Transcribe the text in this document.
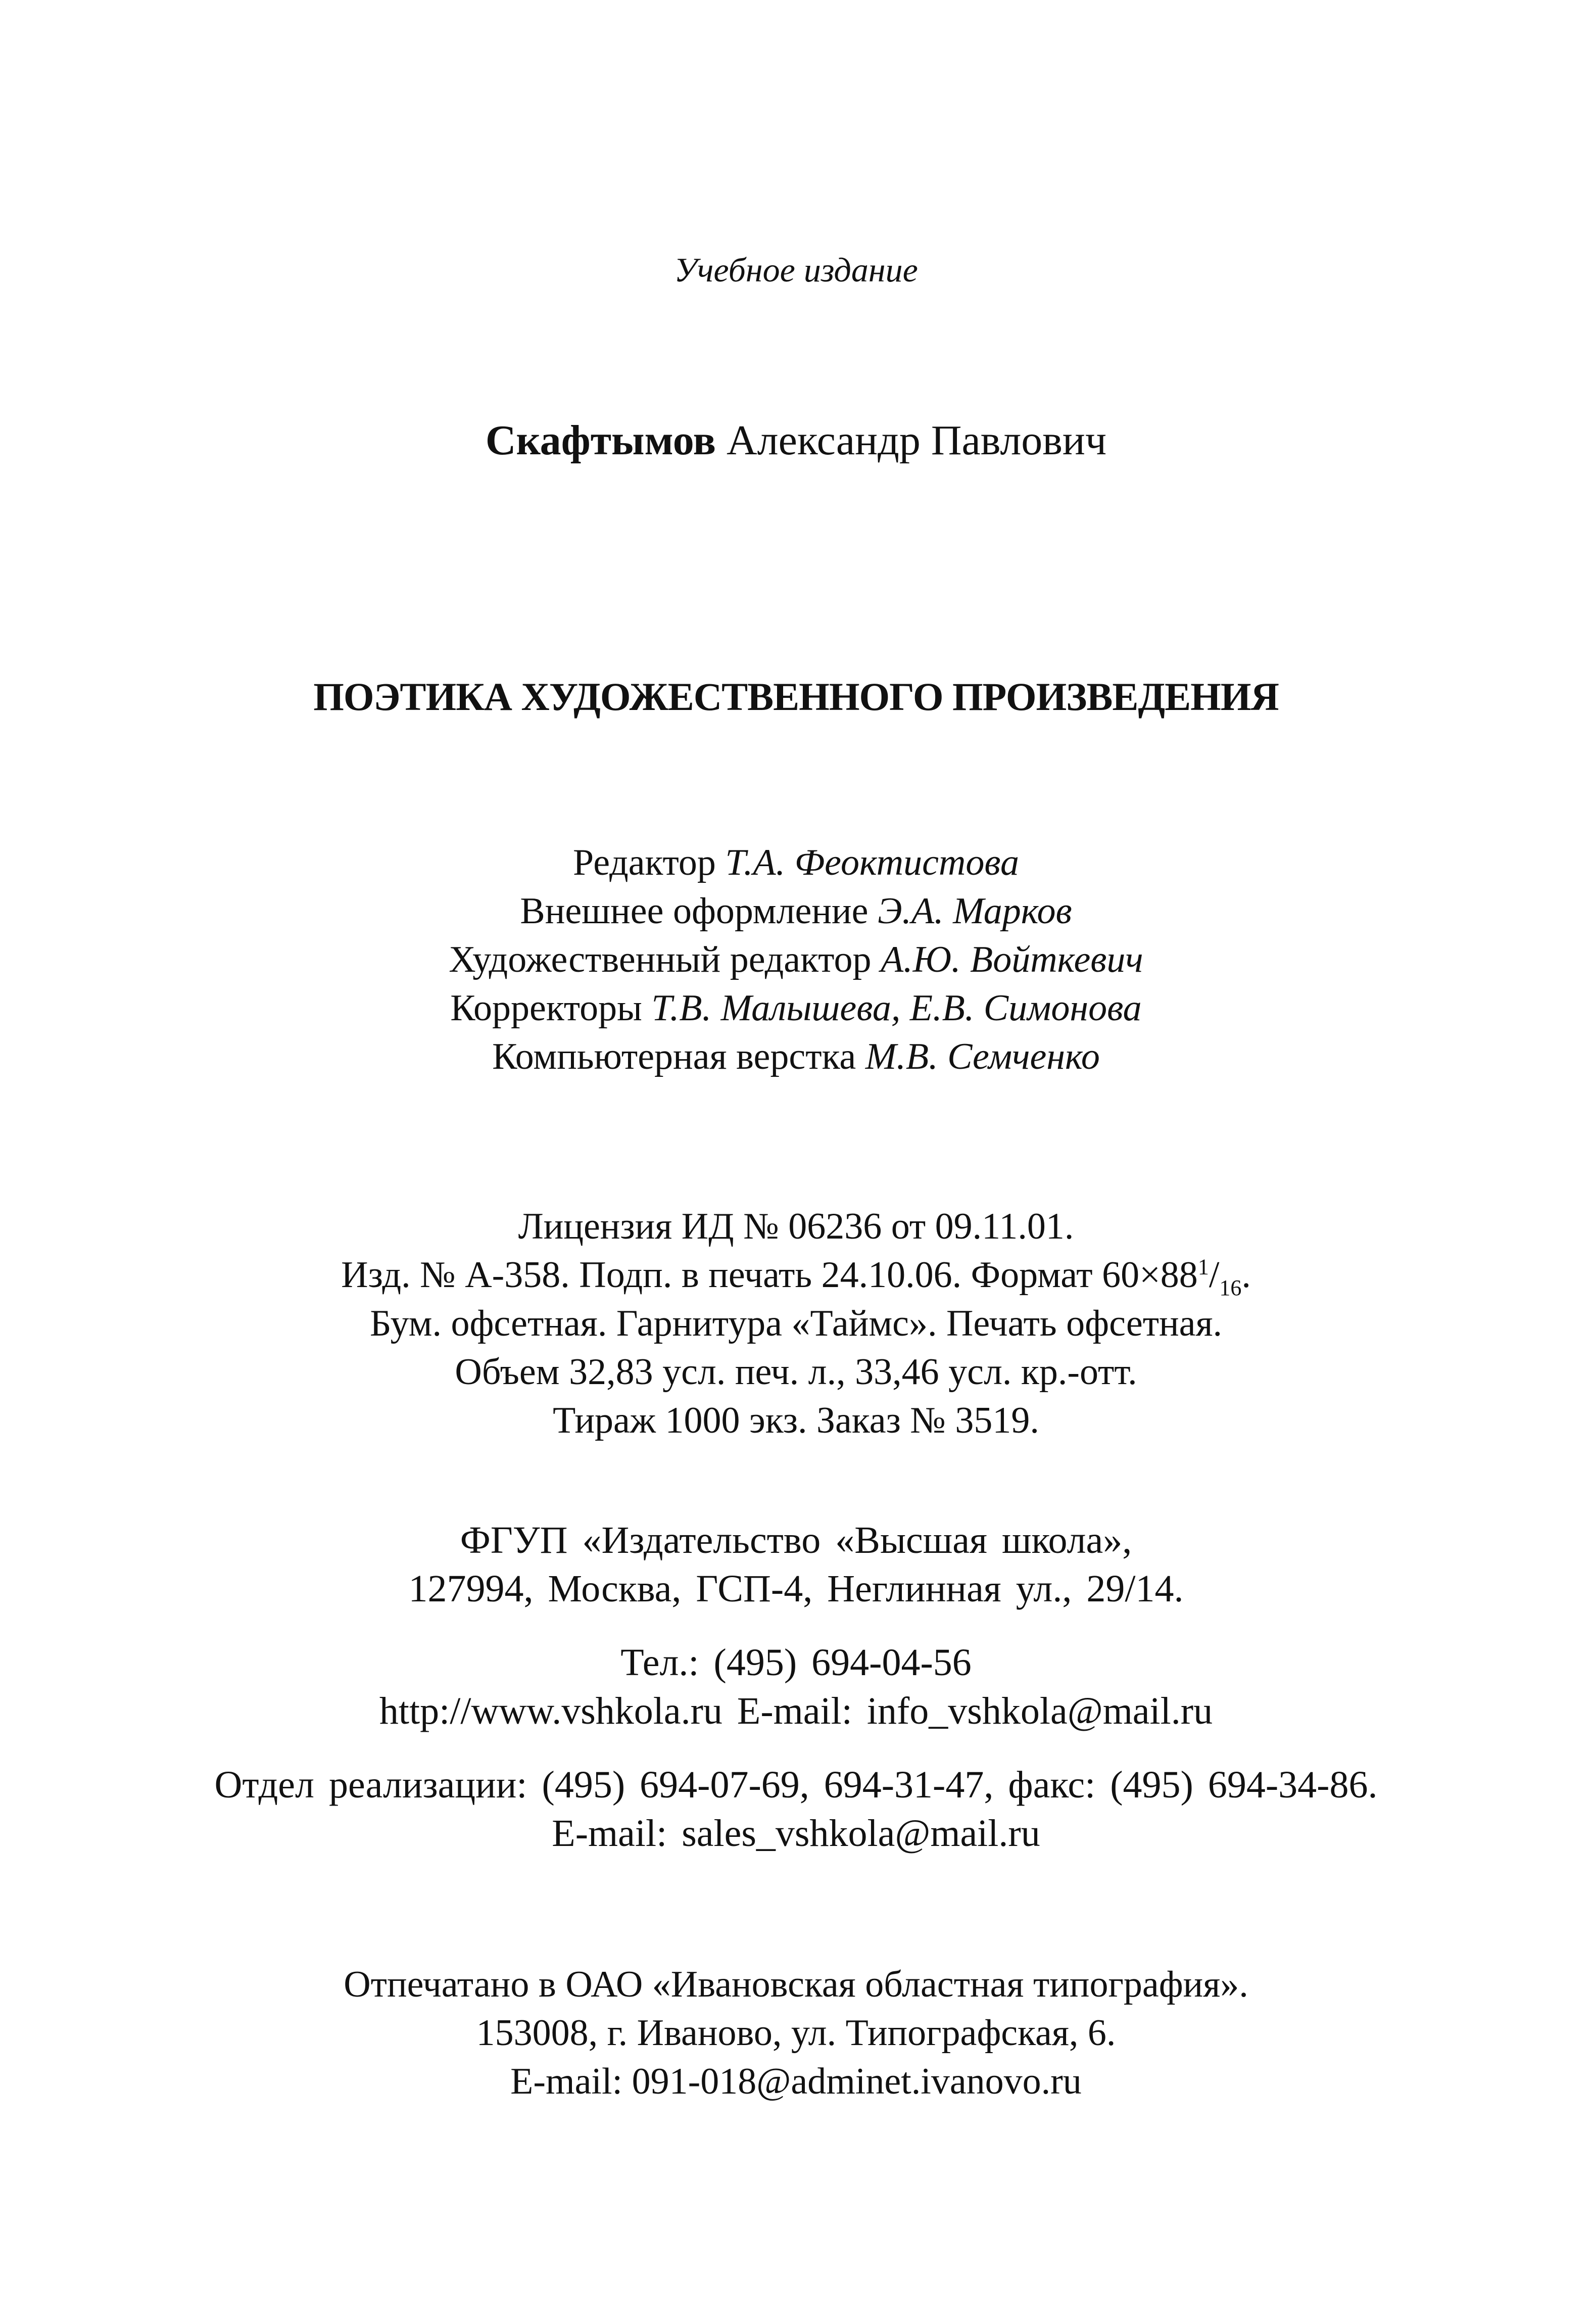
Учебное издание
Скафтымов Александр Павлович
ПОЭТИКА ХУДОЖЕСТВЕННОГО ПРОИЗВЕДЕНИЯ
Редактор Т.А. Феоктистова
Внешнее оформление Э.А. Марков
Художественный редактор А.Ю. Войткевич
Корректоры Т.В. Малышева, Е.В. Симонова
Компьютерная верстка М.В. Семченко
Лицензия ИД № 06236 от 09.11.01.
Изд. № А-358. Подп. в печать 24.10.06. Формат $60\times 88^1/_{16}$.
Бум. офсетная. Гарнитура «Таймс». Печать офсетная.
Объем 32,83 усл. печ. л., 33,46 усл. кр.-отт.
Тираж 1000 экз. Заказ № 3519.
ФГУП «Издательство «Высшая школа»,
127994, Москва, ГСП-4, Неглинная ул., 29/14.
Тел.: (495) 694-04-56
http://www.vshkola.ru E-mail: info_vshkola@mail.ru
Отдел реализации: (495) 694-07-69, 694-31-47, факс: (495) 694-34-86.
E-mail: sales_vshkola@mail.ru
Отпечатано в ОАО «Ивановская областная типография».
153008, г. Иваново, ул. Типографская, 6.
E-mail: 091-018@adminet.ivanovo.ru
